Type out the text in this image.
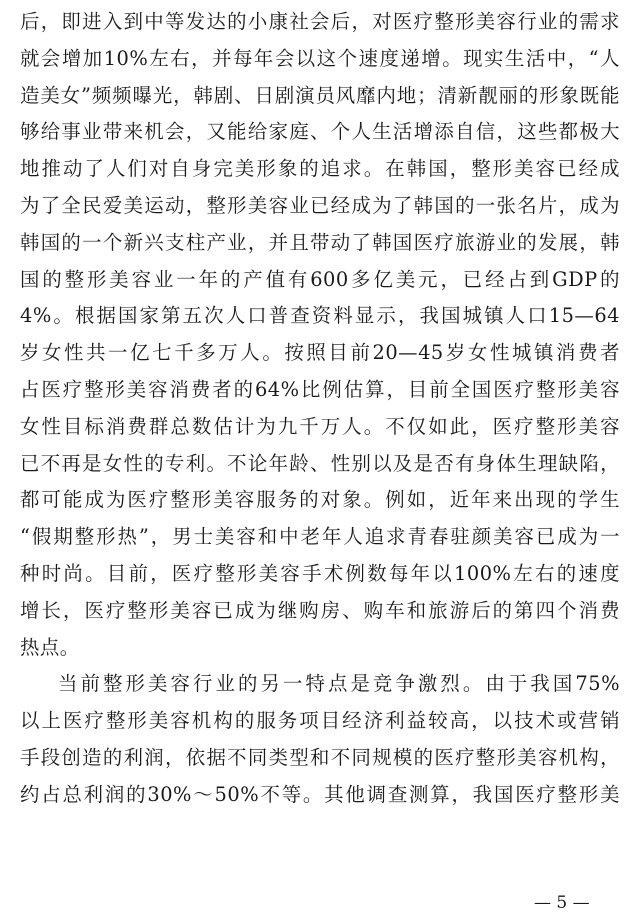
后，即进入到中等发达的小康社会后，对医疗整形美容行业的需求
就会增加10%左右，并每年会以这个速度递增。现实生活中，“人
造美女”频频曝光，韩剧、日剧演员风靡内地；清新靓丽的形象既能
够给事业带来机会，又能给家庭、个人生活增添自信，这些都极大
地推动了人们对自身完美形象的追求。在韩国，整形美容已经成
为了全民爱美运动，整形美容业已经成为了韩国的一张名片，成为
韩国的一个新兴支柱产业，并且带动了韩国医疗旅游业的发展，韩
国的整形美容业一年的产值有600多亿美元，已经占到GDP的
4%。根据国家第五次人口普查资料显示，我国城镇人口15—64
岁女性共一亿七千多万人。按照目前20—45岁女性城镇消费者
占医疗整形美容消费者的64%比例估算，目前全国医疗整形美容
女性目标消费群总数估计为九千万人。不仅如此，医疗整形美容
已不再是女性的专利。不论年龄、性别以及是否有身体生理缺陷，
都可能成为医疗整形美容服务的对象。例如，近年来出现的学生
“假期整形热”，男士美容和中老年人追求青春驻颜美容已成为一
种时尚。目前，医疗整形美容手术例数每年以100%左右的速度
增长，医疗整形美容已成为继购房、购车和旅游后的第四个消费
热点。
当前整形美容行业的另一特点是竞争激烈。由于我国75%
以上医疗整形美容机构的服务项目经济利益较高，以技术或营销
手段创造的利润，依据不同类型和不同规模的医疗整形美容机构，
约占总利润的30%～50%不等。其他调查测算，我国医疗整形美
— 5 —
